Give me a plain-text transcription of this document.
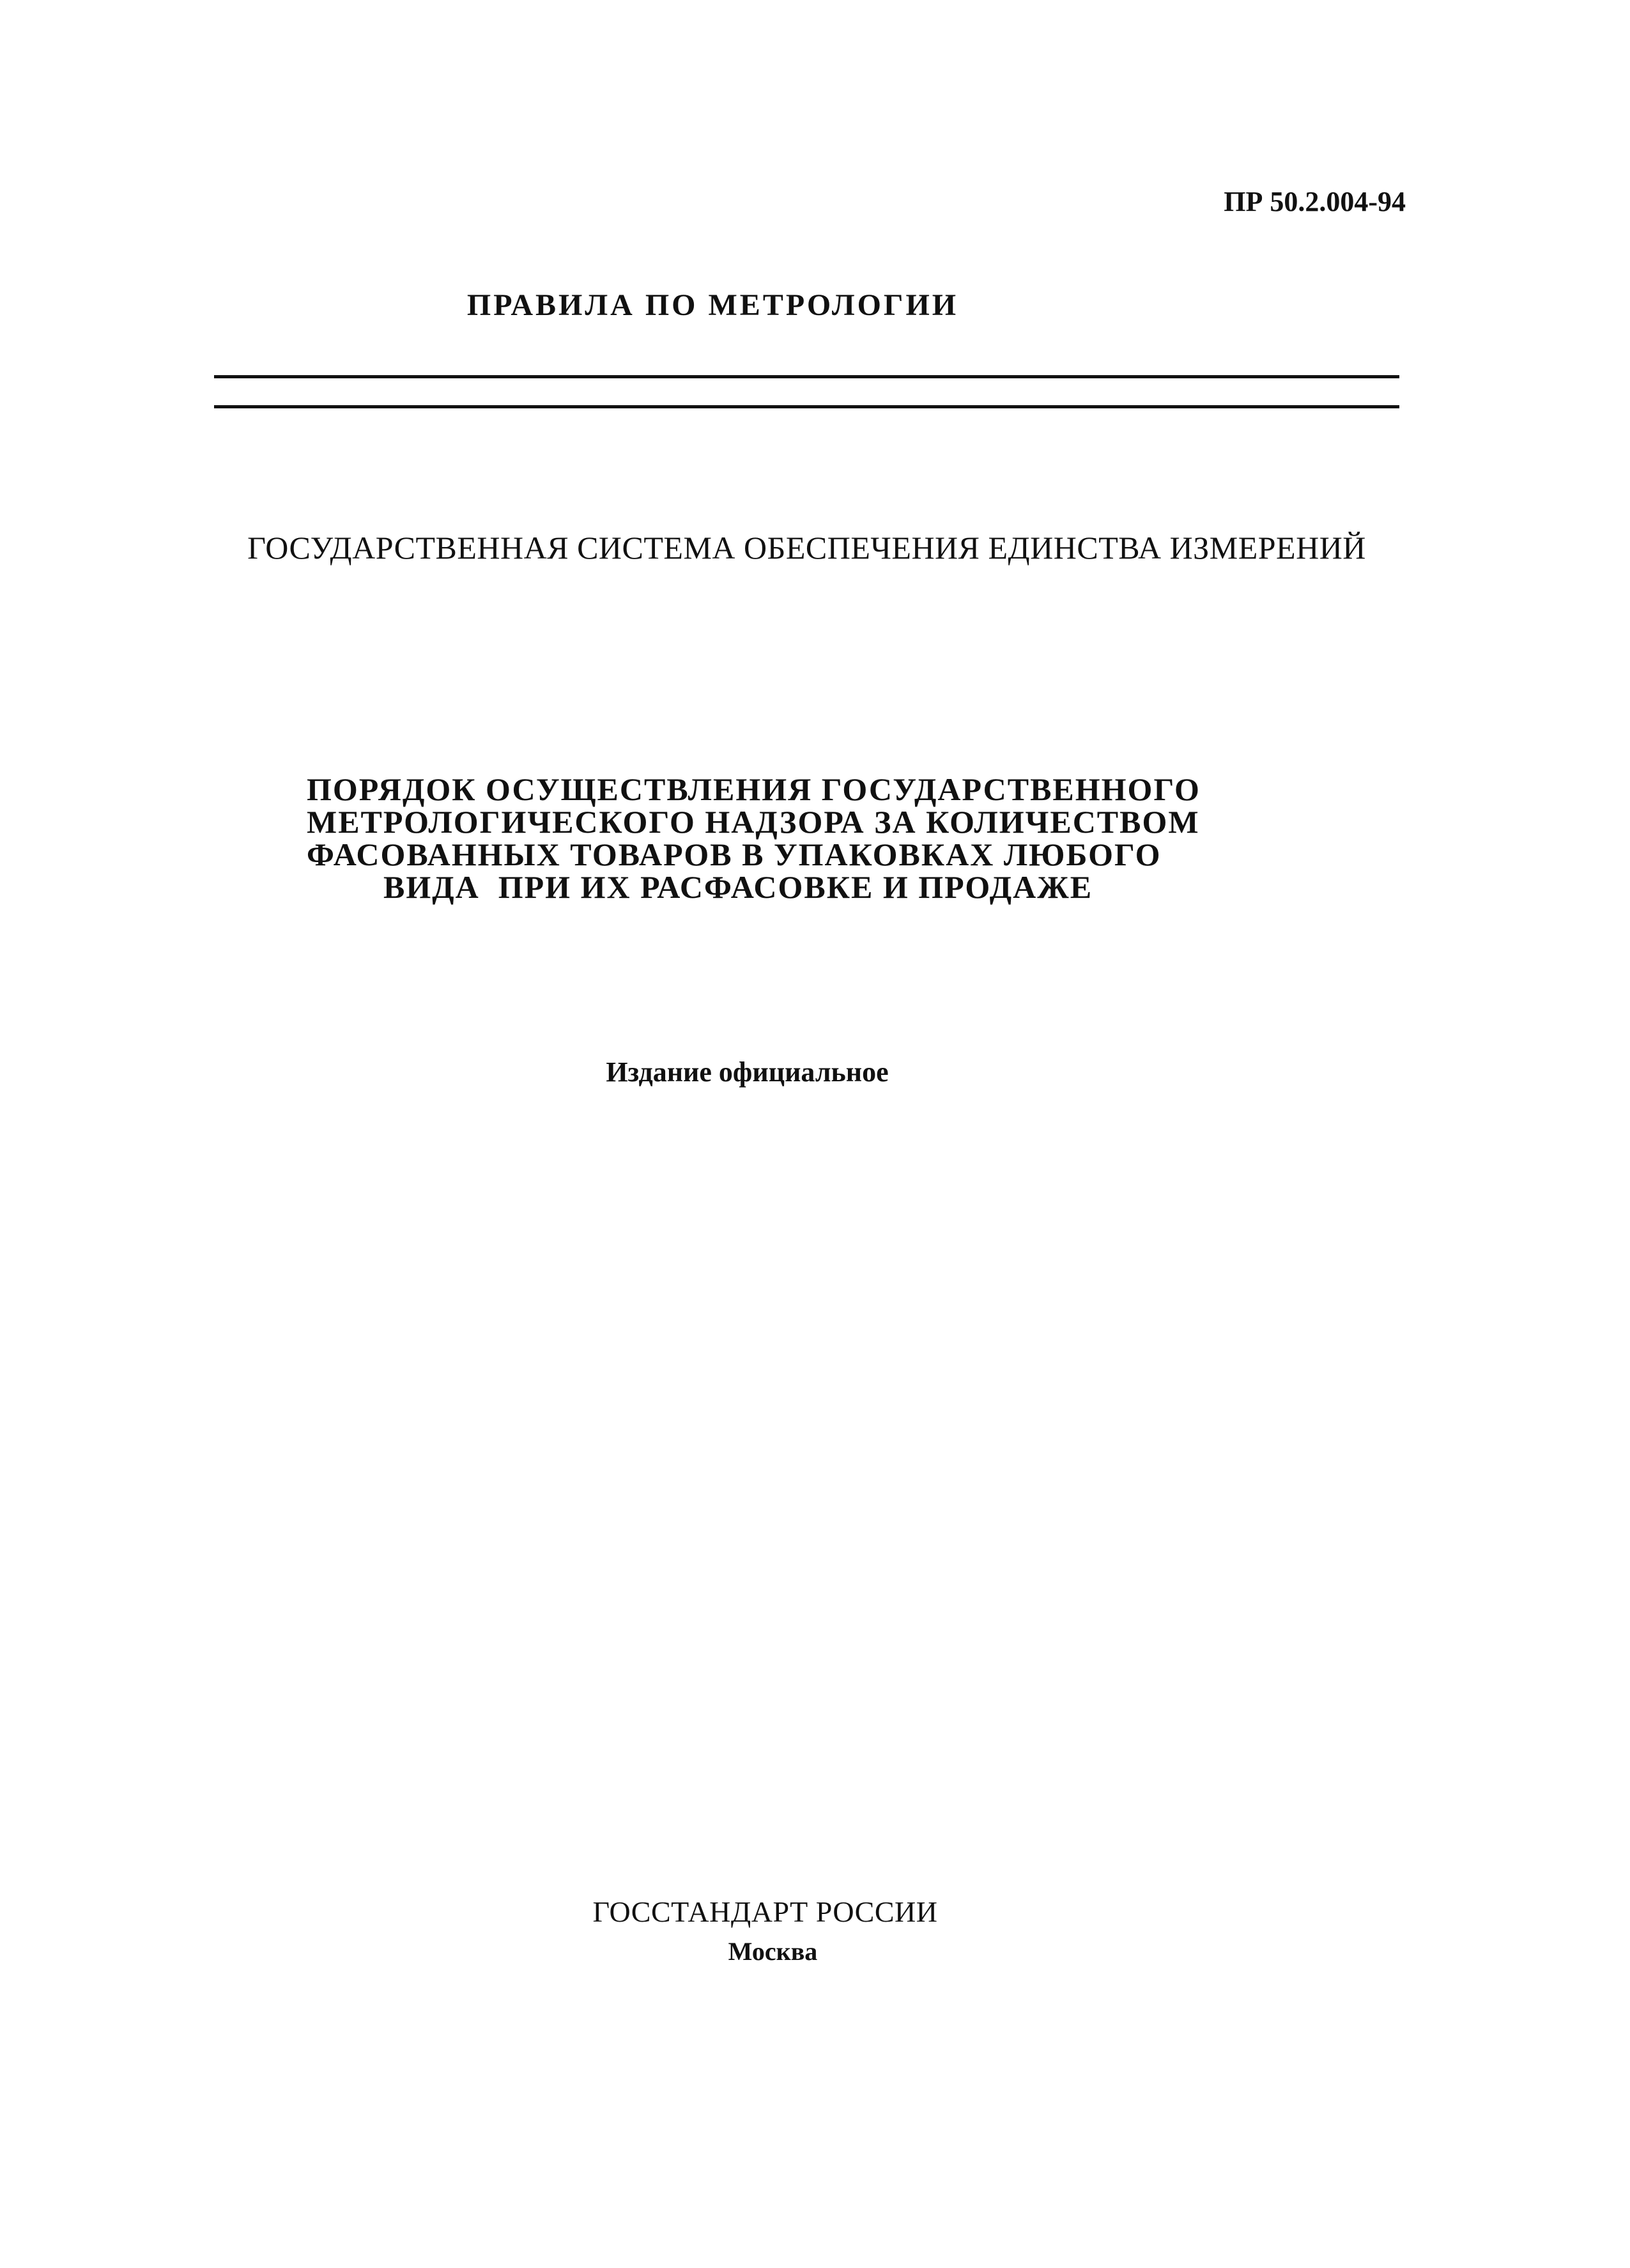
ПР 50.2.004-94
ПРАВИЛА ПО МЕТРОЛОГИИ
ГОСУДАРСТВЕННАЯ СИСТЕМА ОБЕСПЕЧЕНИЯ ЕДИНСТВА ИЗМЕРЕНИЙ
ПОРЯДОК ОСУЩЕСТВЛЕНИЯ ГОСУДАРСТВЕННОГО
МЕТРОЛОГИЧЕСКОГО НАДЗОРА ЗА КОЛИЧЕСТВОМ
ФАСОВАННЫХ ТОВАРОВ В УПАКОВКАХ ЛЮБОГО
ВИДА  ПРИ ИХ РАСФАСОВКЕ И ПРОДАЖЕ
Издание официальное
ГОССТАНДАРТ РОССИИ
Москва
